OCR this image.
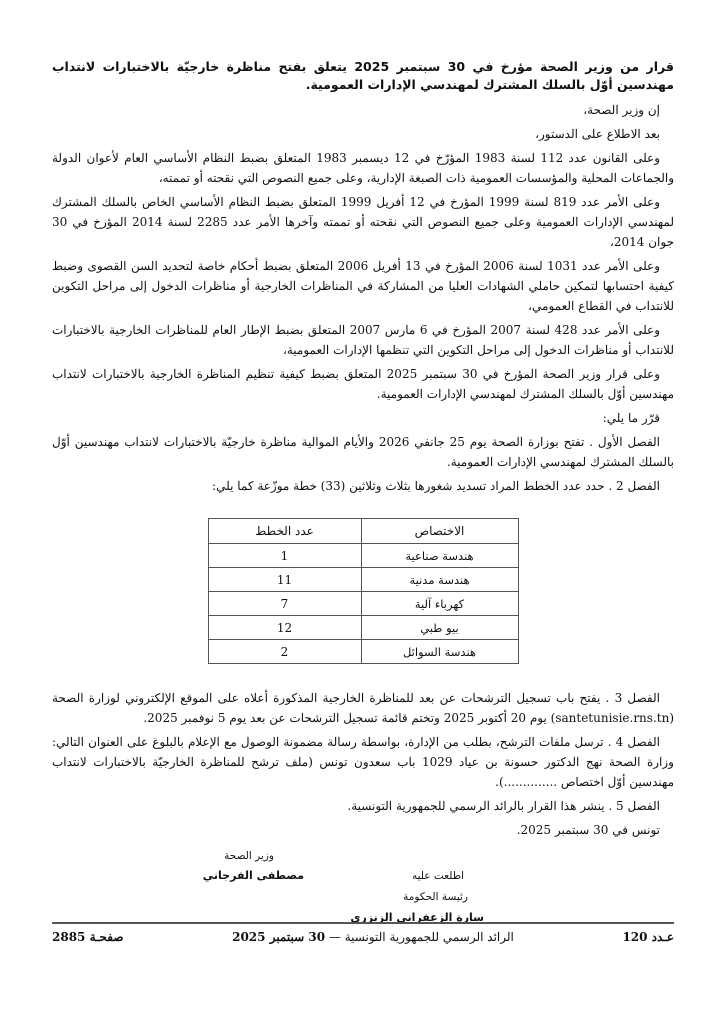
قرار من وزير الصحة مؤرخ في 30 سبتمبر 2025 يتعلق بفتح مناظرة خارجيّة بالاختبارات لانتداب مهندسين أوّل بالسلك المشترك لمهندسي الإدارات العمومية.

إن وزير الصحة،

بعد الاطلاع على الدستور،

وعلى القانون عدد 112 لسنة 1983 المؤرّخ في 12 ديسمبر 1983 المتعلق بضبط النظام الأساسي العام لأعوان الدولة والجماعات المحلية والمؤسسات العمومية ذات الصبغة الإدارية، وعلى جميع النصوص التي نقحته أو تممته،

وعلى الأمر عدد 819 لسنة 1999 المؤرخ في 12 أفريل 1999 المتعلق بضبط النظام الأساسي الخاص بالسلك المشترك لمهندسي الإدارات العمومية وعلى جميع النصوص التي نقحته أو تممته وآخرها الأمر عدد 2285 لسنة 2014 المؤرخ في 30 جوان 2014،

وعلى الأمر عدد 1031 لسنة 2006 المؤرخ في 13 أفريل 2006 المتعلق بضبط أحكام خاصة لتحديد السن القصوى وضبط كيفية احتسابها لتمكين حاملي الشهادات العليا من المشاركة في المناظرات الخارجية أو مناظرات الدخول إلى مراحل التكوين للانتداب في القطاع العمومي،

وعلى الأمر عدد 428 لسنة 2007 المؤرخ في 6 مارس 2007 المتعلق بضبط الإطار العام للمناظرات الخارجية بالاختبارات للانتداب أو مناظرات الدخول إلى مراحل التكوين التي تنظمها الإدارات العمومية،

وعلى قرار وزير الصحة المؤرخ في 30 سبتمبر 2025 المتعلق بضبط كيفية تنظيم المناظرة الخارجية بالاختبارات لانتداب مهندسين أوّل بالسلك المشترك لمهندسي الإدارات العمومية.

قرّر ما يلي:

الفصل الأول . تفتح بوزارة الصحة يوم 25 جانفي 2026 والأيام الموالية مناظرة خارجيّة بالاختبارات لانتداب مهندسين أوّل بالسلك المشترك لمهندسي الإدارات العمومية.

الفصل 2 . حدد عدد الخطط المراد تسديد شغورها بثلاث وثلاثين (33) خطة موزّعة كما يلي:

الاختصاص	عدد الخطط
هندسة صناعية	1
هندسة مدنية	11
كهرباء آلية	7
بيو طبي	12
هندسة السوائل	2

الفصل 3 . يفتح باب تسجيل الترشحات عن بعد للمناظرة الخارجية المذكورة أعلاه على الموقع الإلكتروني لوزارة الصحة (santetunisie.rns.tn) يوم 20 أكتوبر 2025 وتختم قائمة تسجيل الترشحات عن بعد يوم 5 نوفمبر 2025.

الفصل 4 . ترسل ملفات الترشح، بطلب من الإدارة، بواسطة رسالة مضمونة الوصول مع الإعلام بالبلوغ على العنوان التالي: وزارة الصحة نهج الدكتور حسونة بن عياد 1029 باب سعدون تونس (ملف ترشح للمناظرة الخارجيّة بالاختبارات لانتداب مهندسين أوّل اختصاص ..............).

الفصل 5 . ينشر هذا القرار بالرائد الرسمي للجمهورية التونسية.

تونس في 30 سبتمبر 2025.

وزير الصحة
مصطفى الفرجاني	اطلعت عليه
رئيسة الحكومة
سارة الزعفراني الزنزري
عـدد 120
الرائد الرسمي للجمهورية التونسية — 30 سبتمبر 2025
صفحـة 2885
